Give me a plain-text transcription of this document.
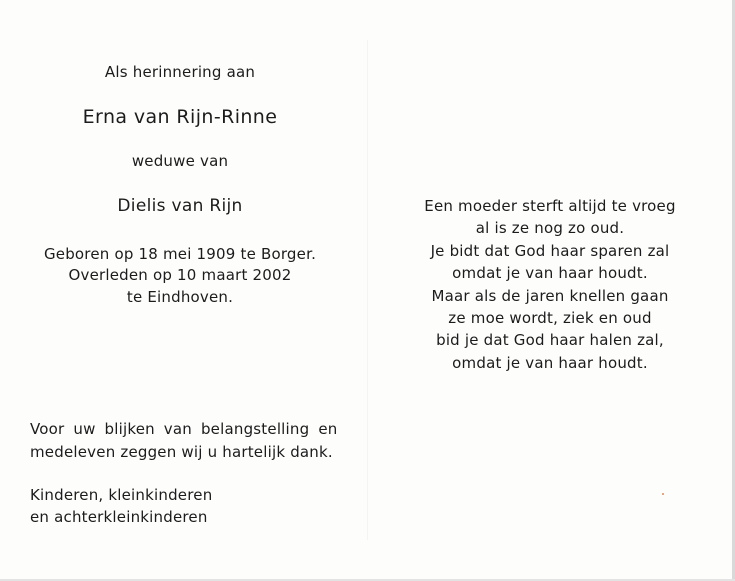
Als herinnering aan
Erna van Rijn-Rinne
weduwe van
Dielis van Rijn
Geboren op 18 mei 1909 te Borger.
Overleden op 10 maart 2002
te Eindhoven.
Een moeder sterft altijd te vroeg
al is ze nog zo oud.
Je bidt dat God haar sparen zal
omdat je van haar houdt.
Maar als de jaren knellen gaan
ze moe wordt, ziek en oud
bid je dat God haar halen zal,
omdat je van haar houdt.
Voor uw blijken van belangstelling en
medeleven zeggen wij u hartelijk dank.
Kinderen, kleinkinderen
en achterkleinkinderen
